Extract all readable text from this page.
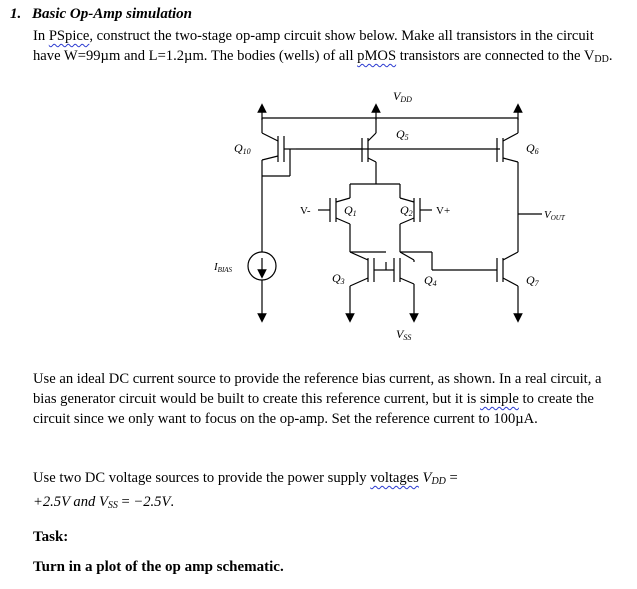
1. Basic Op-Amp simulation
In PSpice, construct the two-stage op-amp circuit show below. Make all transistors in the circuit have W=99µm and L=1.2µm. The bodies (wells) of all pMOS transistors are connected to the $V_{DD}$.
VDD
Q10
Q5
Q6
V-	Q1	Q2 V+	VOUT
IBIAS
Q3	Q4	Q7
VSS
Use an ideal DC current source to provide the reference bias current, as shown. In a real circuit, a bias generator circuit would be built to create this reference current, but it is simple to create the circuit since we only want to focus on the op-amp. Set the reference current to 100µA.
Use two DC voltage sources to provide the power supply voltages $V_{DD}$ =
+2.5V and $V_{SS} = -2.5V$.
Task:
Turn in a plot of the op amp schematic.
